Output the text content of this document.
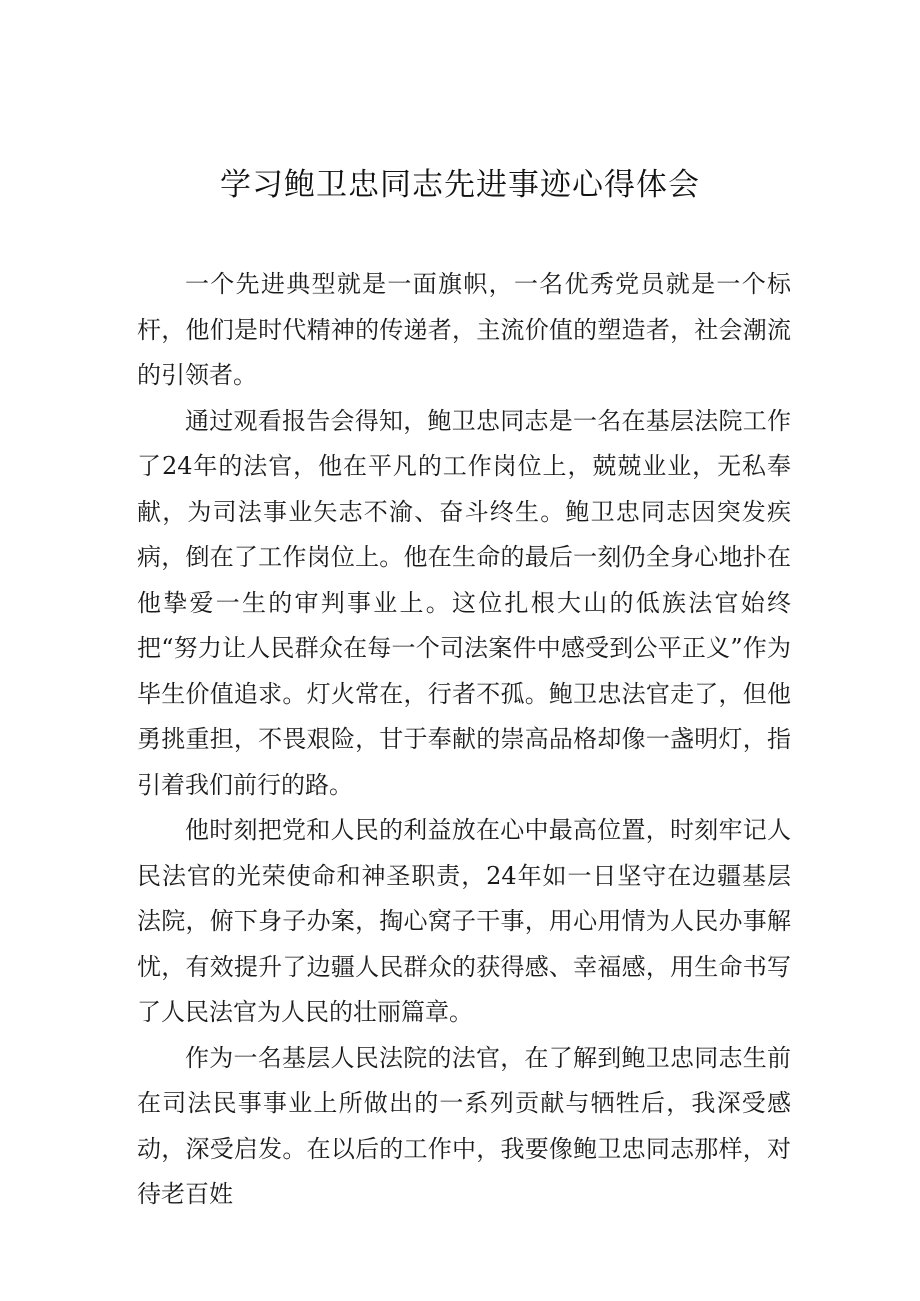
学习鲍卫忠同志先进事迹心得体会

一个先进典型就是一面旗帜，一名优秀党员就是一个标杆，他们是时代精神的传递者，主流价值的塑造者，社会潮流的引领者。

通过观看报告会得知，鲍卫忠同志是一名在基层法院工作了24年的法官，他在平凡的工作岗位上，兢兢业业，无私奉献，为司法事业矢志不渝、奋斗终生。鲍卫忠同志因突发疾病，倒在了工作岗位上。他在生命的最后一刻仍全身心地扑在他挚爱一生的审判事业上。这位扎根大山的低族法官始终把“努力让人民群众在每一个司法案件中感受到公平正义”作为毕生价值追求。灯火常在，行者不孤。鲍卫忠法官走了，但他勇挑重担，不畏艰险，甘于奉献的崇高品格却像一盏明灯，指引着我们前行的路。

他时刻把党和人民的利益放在心中最高位置，时刻牢记人民法官的光荣使命和神圣职责，24年如一日坚守在边疆基层法院，俯下身子办案，掏心窝子干事，用心用情为人民办事解忧，有效提升了边疆人民群众的获得感、幸福感，用生命书写了人民法官为人民的壮丽篇章。

作为一名基层人民法院的法官，在了解到鲍卫忠同志生前在司法民事事业上所做出的一系列贡献与牺牲后，我深受感动，深受启发。在以后的工作中，我要像鲍卫忠同志那样，对待老百姓
